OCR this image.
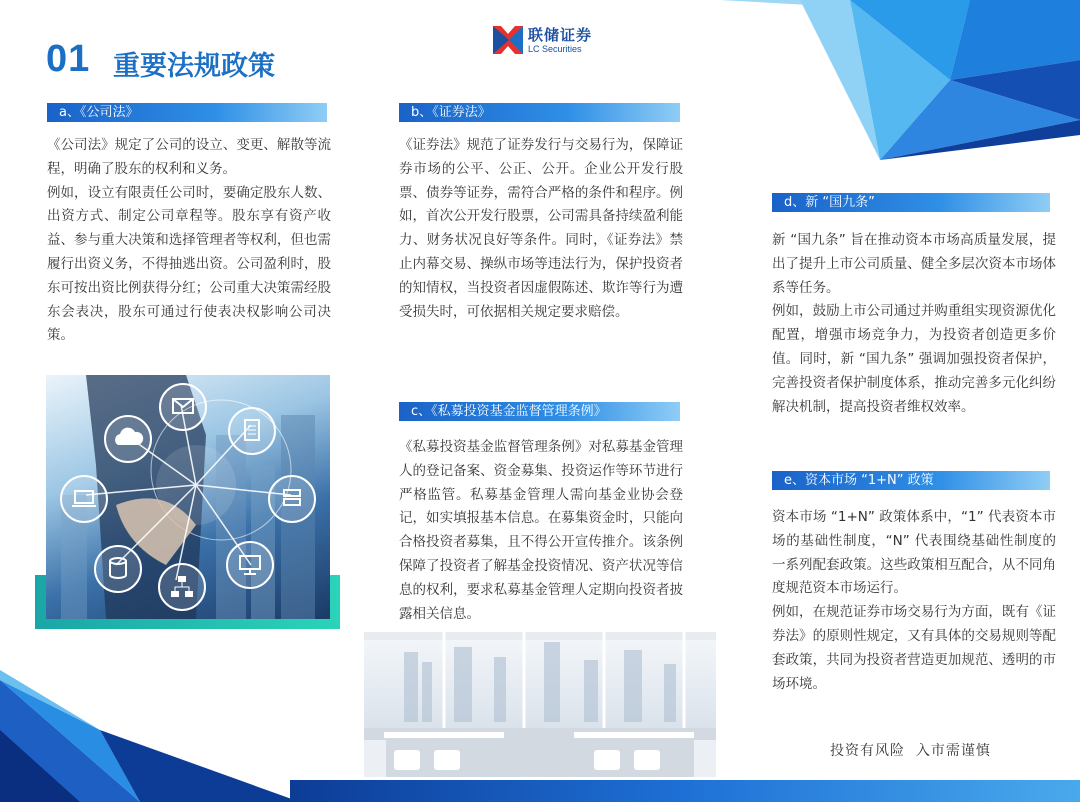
01 重要法规政策
联储证券
LC Securities
a、《公司法》

《公司法》规定了公司的设立、变更、解散等流程，明确了股东的权利和义务。

例如，设立有限责任公司时，要确定股东人数、出资方式、制定公司章程等。股东享有资产收益、参与重大决策和选择管理者等权利，但也需履行出资义务，不得抽逃出资。公司盈利时，股东可按出资比例获得分红；公司重大决策需经股东会表决，股东可通过行使表决权影响公司决策。

b、《证券法》

《证券法》规范了证券发行与交易行为，保障证券市场的公平、公正、公开。企业公开发行股票、债券等证券，需符合严格的条件和程序。例如，首次公开发行股票，公司需具备持续盈利能力、财务状况良好等条件。同时，《证券法》禁止内幕交易、操纵市场等违法行为，保护投资者的知情权，当投资者因虚假陈述、欺诈等行为遭受损失时，可依据相关规定要求赔偿。

c、《私募投资基金监督管理条例》

《私募投资基金监督管理条例》对私募基金管理人的登记备案、资金募集、投资运作等环节进行严格监管。私募基金管理人需向基金业协会登记，如实填报基本信息。在募集资金时，只能向合格投资者募集，且不得公开宣传推介。该条例保障了投资者了解基金投资情况、资产状况等信息的权利，要求私募基金管理人定期向投资者披露相关信息。

d、新 “国九条”

新 “国九条” 旨在推动资本市场高质量发展，提出了提升上市公司质量、健全多层次资本市场体系等任务。

例如，鼓励上市公司通过并购重组实现资源优化配置，增强市场竞争力，为投资者创造更多价值。同时，新 “国九条” 强调加强投资者保护，完善投资者保护制度体系，推动完善多元化纠纷解决机制，提高投资者维权效率。

e、资本市场 “1+N” 政策

资本市场 “1+N” 政策体系中，“1” 代表资本市场的基础性制度，“N” 代表围绕基础性制度的一系列配套政策。这些政策相互配合，从不同角度规范资本市场运行。

例如，在规范证券市场交易行为方面，既有《证券法》的原则性规定，又有具体的交易规则等配套政策，共同为投资者营造更加规范、透明的市场环境。

投资有风险  入市需谨慎
